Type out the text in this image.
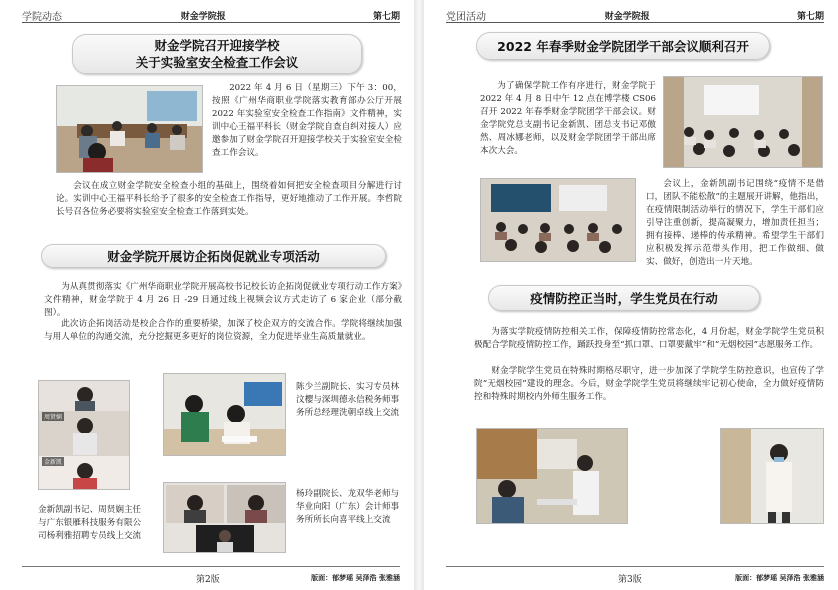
学院动态	财金学院报	第七期
财金学院召开迎接学校
关于实验室安全检查工作会议
2022 年 4 月 6 日（星期三）下午 3：00，按照《广州华商职业学院落实教育部办公厅开展 2022 年实验室安全检查工作指南》文件精神，实训中心王福平科长（财金学院自查自纠对接人）应邀参加了财金学院召开迎接学校关于实验室安全检查工作会议。
会议在成立财金学院安全检查小组的基础上，围绕着如何把安全检查项目分解进行讨论。实训中心王福平科长给予了很多的安全检查工作指导，更好地推动了工作开展。李哲院长号召各位务必要将实验室安全检查工作落到实处。
财金学院开展访企拓岗促就业专项活动
为从真贯彻落实《广州华商职业学院开展高校书记校长访企拓岗促就业专项行动工作方案》文件精神，财金学院于 4 月 26 日 -29 日通过线上视频会议方式走访了 6 家企业（部分截图）。
此次访企拓岗活动是校企合作的重要桥梁，加深了校企双方的交流合作。学院将继续加强与用人单位的沟通交流，充分挖掘更多更好的岗位资源，全力促进毕业生高质量就业。
周贤娴
金新凯
陈少兰副院长、实习专员林汶樱与深圳德永信税务师事务所总经理洗朝卓线上交流
金新凯副书记、周贤娴主任与广东银雁科技服务有限公司杨利雅招聘专员线上交流
杨玲副院长、龙双华老师与华业向阳（广东）会计师事务所所长向喜平线上交流
第2版	版面：郁梦瑶 吴泽浩 张雅涵
党团活动	财金学院报	第七期
2022 年春季财金学院团学干部会议顺利召开
为了确保学院工作有序进行，财金学院于 2022 年 4 月 8 日中午 12 点在博学楼 CS06 召开 2022 年春季财金学院团学干部会议。财金学院党总支副书记金新凯、团总支书记邓傲然、周冰娜老师，以及财金学院团学干部出席本次大会。
会议上，金新凯副书记围绕“疫情不是借口，团队不能松散”的主题展开讲解，他指出，在疫情限制活动举行的情况下，学生干部们应引导注重创新，提高凝聚力，增加责任担当；拥有接棒、递棒的传承精神。希望学生干部们应积极发挥示范带头作用，把工作做细、做实、做好，创造出一片天地。
疫情防控正当时，学生党员在行动
为落实学院疫情防控相关工作，保障疫情防控常态化，4 月份起，财金学院学生党员积极配合学院疫情防控工作，踊跃投身至“抓口罩、口罩要戴牢”和“无烟校园”志愿服务工作。
财金学院学生党员在特殊时期格尽职守，进一步加深了学院学生防控意识，也宣传了学院“无烟校园”建设的理念。今后，财金学院学生党员将继续牢记初心使命，全力做好疫情防控和特殊时期校内外师生服务工作。
第3版	版面：郁梦瑶 吴泽浩 张雅涵
